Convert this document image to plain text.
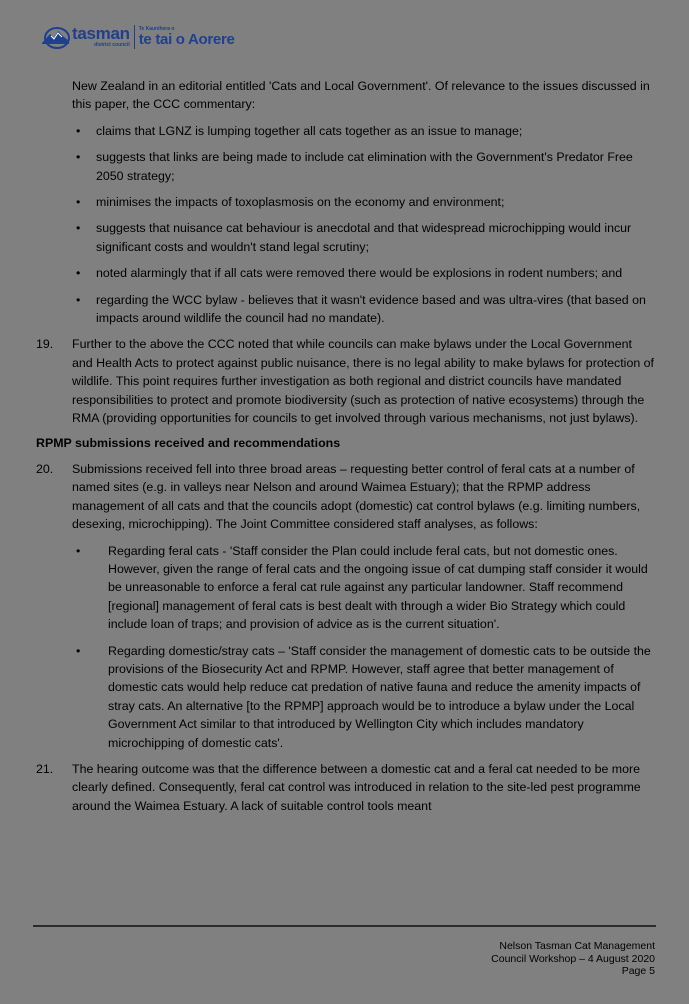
tasman
district council
Te Kaunihera o
te tai o Aorere

New Zealand in an editorial entitled 'Cats and Local Government'. Of relevance to the issues discussed in this paper, the CCC commentary:

• claims that LGNZ is lumping together all cats together as an issue to manage;
• suggests that links are being made to include cat elimination with the Government's Predator Free 2050 strategy;
• minimises the impacts of toxoplasmosis on the economy and environment;
• suggests that nuisance cat behaviour is anecdotal and that widespread microchipping would incur significant costs and wouldn't stand legal scrutiny;
• noted alarmingly that if all cats were removed there would be explosions in rodent numbers; and
• regarding the WCC bylaw - believes that it wasn't evidence based and was ultra-vires (that based on impacts around wildlife the council had no mandate).
19. Further to the above the CCC noted that while councils can make bylaws under the Local Government and Health Acts to protect against public nuisance, there is no legal ability to make bylaws for protection of wildlife. This point requires further investigation as both regional and district councils have mandated responsibilities to protect and promote biodiversity (such as protection of native ecosystems) through the RMA (providing opportunities for councils to get involved through various mechanisms, not just bylaws).

RPMP submissions received and recommendations

20. Submissions received fell into three broad areas – requesting better control of feral cats at a number of named sites (e.g. in valleys near Nelson and around Waimea Estuary); that the RPMP address management of all cats and that the councils adopt (domestic) cat control bylaws (e.g. limiting numbers, desexing, microchipping). The Joint Committee considered staff analyses, as follows:

• Regarding feral cats - 'Staff consider the Plan could include feral cats, but not domestic ones. However, given the range of feral cats and the ongoing issue of cat dumping staff consider it would be unreasonable to enforce a feral cat rule against any particular landowner. Staff recommend [regional] management of feral cats is best dealt with through a wider Bio Strategy which could include loan of traps; and provision of advice as is the current situation'.
• Regarding domestic/stray cats – 'Staff consider the management of domestic cats to be outside the provisions of the Biosecurity Act and RPMP. However, staff agree that better management of domestic cats would help reduce cat predation of native fauna and reduce the amenity impacts of stray cats. An alternative [to the RPMP] approach would be to introduce a bylaw under the Local Government Act similar to that introduced by Wellington City which includes mandatory microchipping of domestic cats'.
21. The hearing outcome was that the difference between a domestic cat and a feral cat needed to be more clearly defined. Consequently, feral cat control was introduced in relation to the site-led pest programme around the Waimea Estuary. A lack of suitable control tools meant

Nelson Tasman Cat Management
Council Workshop – 4 August 2020
Page 5
